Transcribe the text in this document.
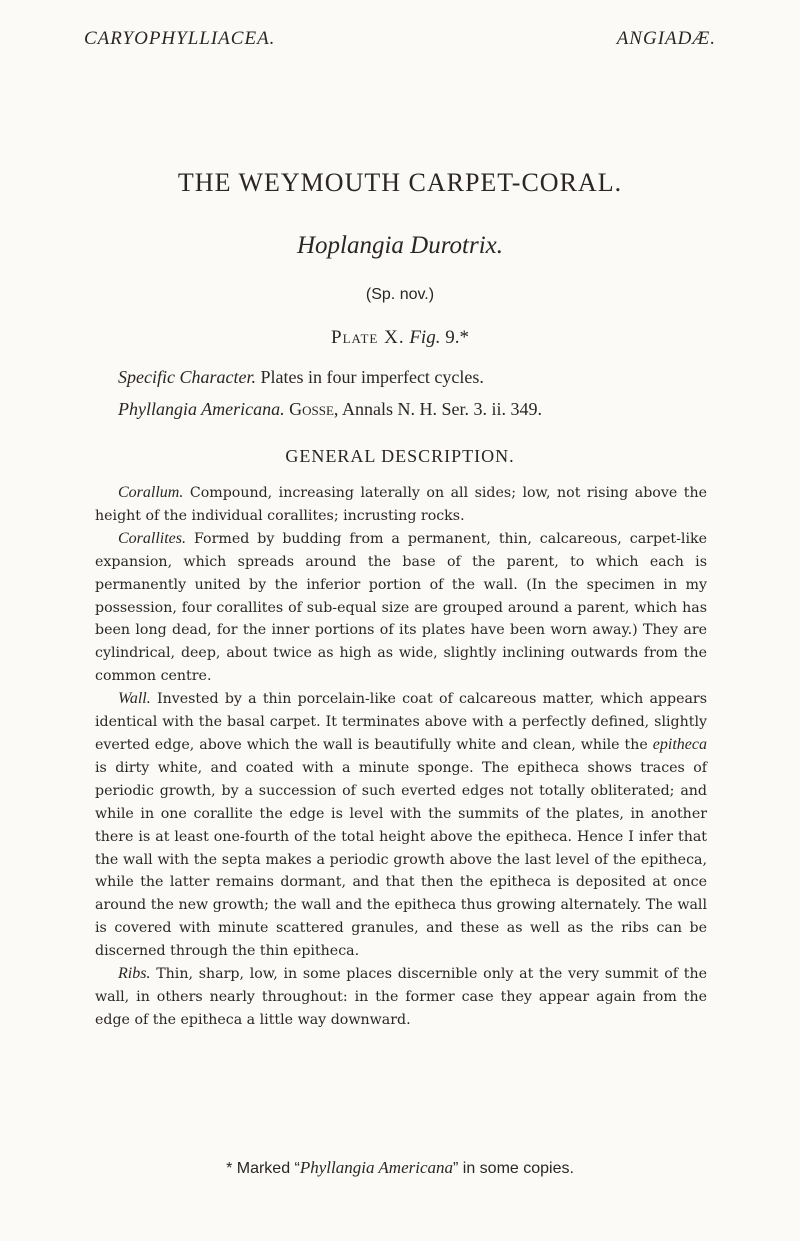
CARYOPHYLLIACEA.	ANGIADÆ.
THE WEYMOUTH CARPET-CORAL.
Hoplangia Durotrix.
(Sp. nov.)
Plate X. Fig. 9.*
Specific Character. Plates in four imperfect cycles.
Phyllangia Americana. Gosse, Annals N. H. Ser. 3. ii. 349.
GENERAL DESCRIPTION.

Corallum. Compound, increasing laterally on all sides; low, not rising above the height of the individual corallites; incrusting rocks.

Corallites. Formed by budding from a permanent, thin, calcareous, carpet-like expansion, which spreads around the base of the parent, to which each is permanently united by the inferior portion of the wall. (In the specimen in my possession, four corallites of sub-equal size are grouped around a parent, which has been long dead, for the inner portions of its plates have been worn away.) They are cylindrical, deep, about twice as high as wide, slightly inclining outwards from the common centre.

Wall. Invested by a thin porcelain-like coat of calcareous matter, which appears identical with the basal carpet. It terminates above with a perfectly defined, slightly everted edge, above which the wall is beautifully white and clean, while the epitheca is dirty white, and coated with a minute sponge. The epitheca shows traces of periodic growth, by a succession of such everted edges not totally obliterated; and while in one corallite the edge is level with the summits of the plates, in another there is at least one-fourth of the total height above the epitheca. Hence I infer that the wall with the septa makes a periodic growth above the last level of the epitheca, while the latter remains dormant, and that then the epitheca is deposited at once around the new growth; the wall and the epitheca thus growing alternately. The wall is covered with minute scattered granules, and these as well as the ribs can be discerned through the thin epitheca.

Ribs. Thin, sharp, low, in some places discernible only at the very summit of the wall, in others nearly throughout: in the former case they appear again from the edge of the epitheca a little way downward.

* Marked “Phyllangia Americana” in some copies.
